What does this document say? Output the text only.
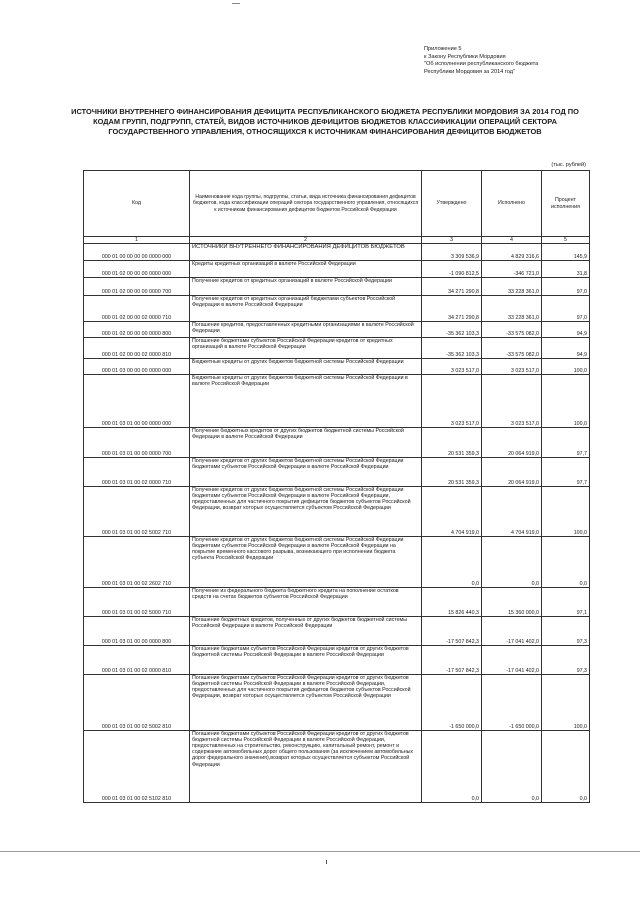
Приложение 5
к Закону Республики Мордовия
"Об исполнении республиканского бюджета
Республики Мордовия за 2014 год"
ИСТОЧНИКИ ВНУТРЕННЕГО ФИНАНСИРОВАНИЯ ДЕФИЦИТА РЕСПУБЛИКАНСКОГО БЮДЖЕТА РЕСПУБЛИКИ МОРДОВИЯ ЗА 2014 ГОД ПО КОДАМ ГРУПП, ПОДГРУПП, СТАТЕЙ, ВИДОВ ИСТОЧНИКОВ ДЕФИЦИТОВ БЮДЖЕТОВ КЛАССИФИКАЦИИ ОПЕРАЦИЙ СЕКТОРА ГОСУДАРСТВЕННОГО УПРАВЛЕНИЯ, ОТНОСЯЩИХСЯ К ИСТОЧНИКАМ ФИНАНСИРОВАНИЯ ДЕФИЦИТОВ БЮДЖЕТОВ
(тыс. рублей)
Код	Наименование кода группы, подгруппы, статьи, вида источника финансирования дефицитов бюджетов, кода классификации операций сектора государственного управления, относящихся к источникам финансирования дефицитов бюджетов Российской Федерации	Утверждено	Исполнено	Процент исполнения
1	2	3	4	5
000 01 00 00 00 00 0000 000	ИСТОЧНИКИ ВНУТРЕННЕГО ФИНАНСИРОВАНИЯ ДЕФИЦИТОВ БЮДЖЕТОВ	3 309 536,9	4 829 316,6	145,9
000 01 02 00 00 00 0000 000	Кредиты кредитных организаций в валюте Российской Федерации	-1 090 812,5	-346 721,0	31,8
000 01 02 00 00 00 0000 700	Получение кредитов от кредитных организаций в валюте Российской Федерации	34 271 290,8	33 228 361,0	97,0
000 01 02 00 00 02 0000 710	Получение кредитов от кредитных организаций бюджетами субъектов Российской Федерации в валюте Российской Федерации	34 271 290,8	33 228 361,0	97,0
000 01 02 00 00 00 0000 800	Погашение кредитов, предоставленных кредитными организациями в валюте Российской Федерации	-35 362 103,3	-33 575 082,0	94,9
000 01 02 00 00 02 0000 810	Погашение бюджетами субъектов Российской Федерации кредитов от кредитных организаций в валюте Российской Федерации	-35 362 103,3	-33 575 082,0	94,9
000 01 03 00 00 00 0000 000	Бюджетные кредиты от других бюджетов бюджетной системы Российской Федерации	3 023 517,0	3 023 517,0	100,0
000 01 03 01 00 00 0000 000	Бюджетные кредиты от других бюджетов бюджетной системы Российской Федерации в валюте Российской Федерации	3 023 517,0	3 023 517,0	100,0
000 01 03 01 00 00 0000 700	Получение бюджетных кредитов от других бюджетов бюджетной системы Российской Федерации в валюте Российской Федерации	20 531 359,3	20 064 919,0	97,7
000 01 03 01 00 02 0000 710	Получение кредитов от других бюджетов бюджетной системы Российской Федерации бюджетами субъектов Российской Федерации в валюте Российской Федерации	20 531 359,3	20 064 919,0	97,7
000 01 03 01 00 02 5002 710	Получение кредитов от других бюджетов бюджетной системы Российской Федерации бюджетами субъектов Российской Федерации в валюте Российской Федерации, предоставленных для частичного покрытия дефицитов бюджетов субъектов Российской Федерации, возврат которых осуществляется субъектом Российской Федерации	4 704 919,0	4 704 919,0	100,0
000 01 03 01 00 02 2602 710	Получение кредитов от других бюджетов бюджетной системы Российской Федерации бюджетами субъектов Российской Федерации в валюте Российской Федерации на покрытие временного кассового разрыва, возникающего при исполнении бюджета субъекта Российской Федерации	0,0	0,0	0,0
000 01 03 01 00 02 5000 710	Получение из федерального бюджета бюджетного кредита на пополнение остатков средств на счетах бюджетов субъектов Российской Федерации	15 826 440,3	15 360 000,0	97,1
000 01 03 01 00 00 0000 800	Погашение бюджетных кредитов, полученных от других бюджетов бюджетной системы Российской Федерации в валюте Российской Федерации	-17 507 842,3	-17 041 402,0	97,3
000 01 03 01 00 02 0000 810	Погашение бюджетами субъектов Российской Федерации кредитов от других бюджетов бюджетной системы Российской Федерации в валюте Российской Федерации	-17 507 842,3	-17 041 402,0	97,3
000 01 03 01 00 02 5002 810	Погашение бюджетами субъектов Российской Федерации кредитов от других бюджетов бюджетной системы Российской Федерации в валюте Российской Федерации, предоставленных для частичного покрытия дефицитов бюджетов субъектов Российской Федерации, возврат которых осуществляется субъектом Российской Федерации	-1 650 000,0	-1 650 000,0	100,0
000 01 03 01 00 02 5102 810	Погашение бюджетами субъектов Российской Федерации кредитов от других бюджетов бюджетной системы Российской Федерации в валюте Российской Федерации, предоставленных на строительство, реконструкцию, капитальный ремонт, ремонт и содержание автомобильных дорог общего пользования (за исключением автомобильных дорог федерального значения),возврат которых осуществляется субъектом Российской Федерации	0,0	0,0	0,0
